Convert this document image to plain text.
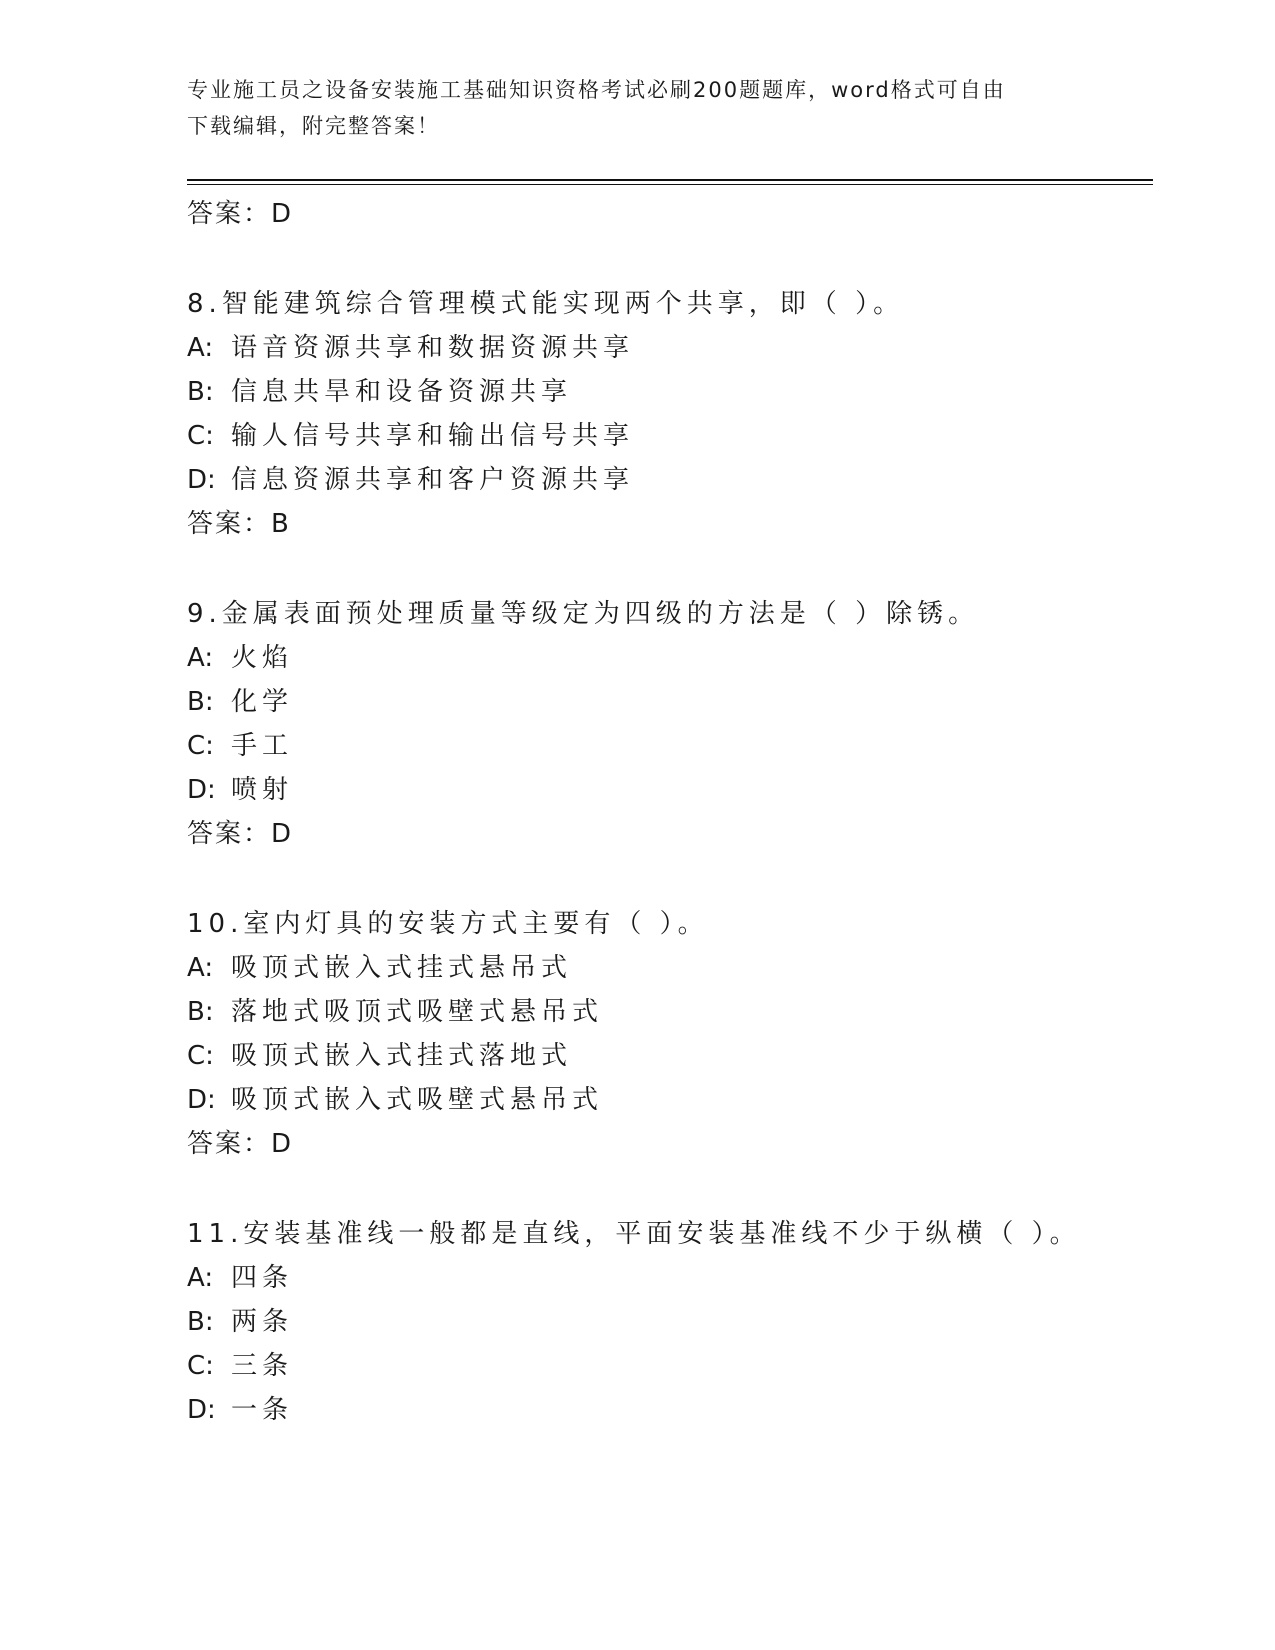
专业施工员之设备安装施工基础知识资格考试必刷200题题库，word格式可自由
下载编辑，附完整答案！
答案：D
8.智能建筑综合管理模式能实现两个共享，即（ ）。
A: 语音资源共享和数据资源共享
B: 信息共旱和设备资源共享
C: 输人信号共享和输出信号共享
D: 信息资源共享和客户资源共享
答案：B
9.金属表面预处理质量等级定为四级的方法是（ ）除锈。
A: 火焰
B: 化学
C: 手工
D: 喷射
答案：D
10.室内灯具的安装方式主要有（ ）。
A: 吸顶式嵌入式挂式悬吊式
B: 落地式吸顶式吸壁式悬吊式
C: 吸顶式嵌入式挂式落地式
D: 吸顶式嵌入式吸壁式悬吊式
答案：D
11.安装基准线一般都是直线，平面安装基准线不少于纵横（ ）。
A: 四条
B: 两条
C: 三条
D: 一条
